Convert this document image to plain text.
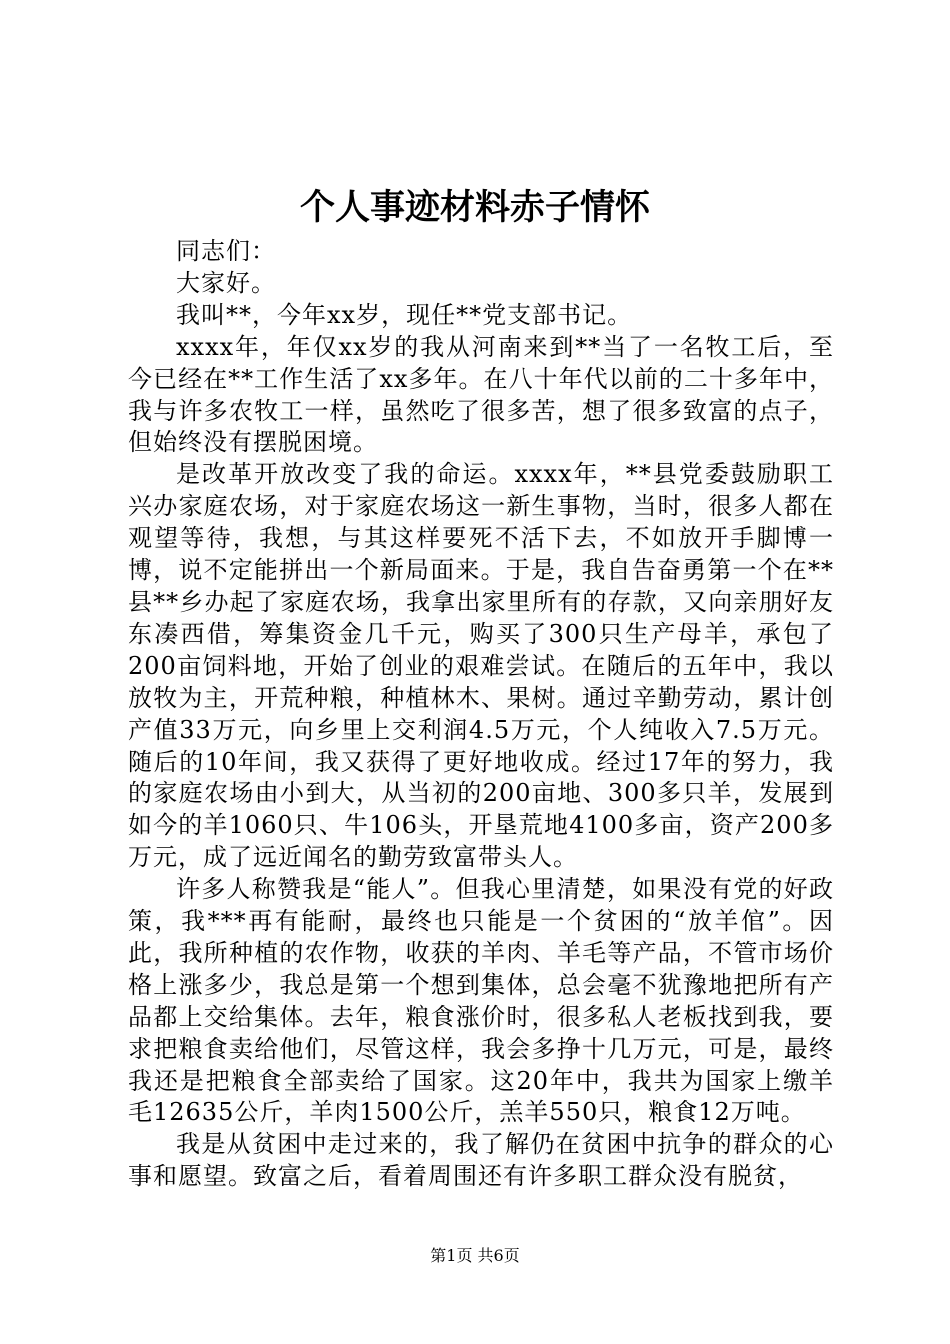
个人事迹材料赤子情怀

同志们：

大家好。

我叫**，今年xx岁，现任**党支部书记。

xxxx年，年仅xx岁的我从河南来到**当了一名牧工后，至今已经在**工作生活了xx多年。在八十年代以前的二十多年中，我与许多农牧工一样，虽然吃了很多苦，想了很多致富的点子，但始终没有摆脱困境。

是改革开放改变了我的命运。xxxx年，**县党委鼓励职工兴办家庭农场，对于家庭农场这一新生事物，当时，很多人都在观望等待，我想，与其这样要死不活下去，不如放开手脚博一博，说不定能拼出一个新局面来。于是，我自告奋勇第一个在**县**乡办起了家庭农场，我拿出家里所有的存款，又向亲朋好友东凑西借，筹集资金几千元，购买了300只生产母羊，承包了200亩饲料地，开始了创业的艰难尝试。在随后的五年中，我以放牧为主，开荒种粮，种植林木、果树。通过辛勤劳动，累计创产值33万元，向乡里上交利润4.5万元，个人纯收入7.5万元。随后的10年间，我又获得了更好地收成。经过17年的努力，我的家庭农场由小到大，从当初的200亩地、300多只羊，发展到如今的羊1060只、牛106头，开垦荒地4100多亩，资产200多万元，成了远近闻名的勤劳致富带头人。

许多人称赞我是“能人”。但我心里清楚，如果没有党的好政策，我***再有能耐，最终也只能是一个贫困的“放羊倌”。因此，我所种植的农作物，收获的羊肉、羊毛等产品，不管市场价格上涨多少，我总是第一个想到集体，总会毫不犹豫地把所有产品都上交给集体。去年，粮食涨价时，很多私人老板找到我，要求把粮食卖给他们，尽管这样，我会多挣十几万元，可是，最终我还是把粮食全部卖给了国家。这20年中，我共为国家上缴羊毛12635公斤，羊肉1500公斤，羔羊550只，粮食12万吨。

我是从贫困中走过来的，我了解仍在贫困中抗争的群众的心事和愿望。致富之后，看着周围还有许多职工群众没有脱贫，

第1页 共6页
